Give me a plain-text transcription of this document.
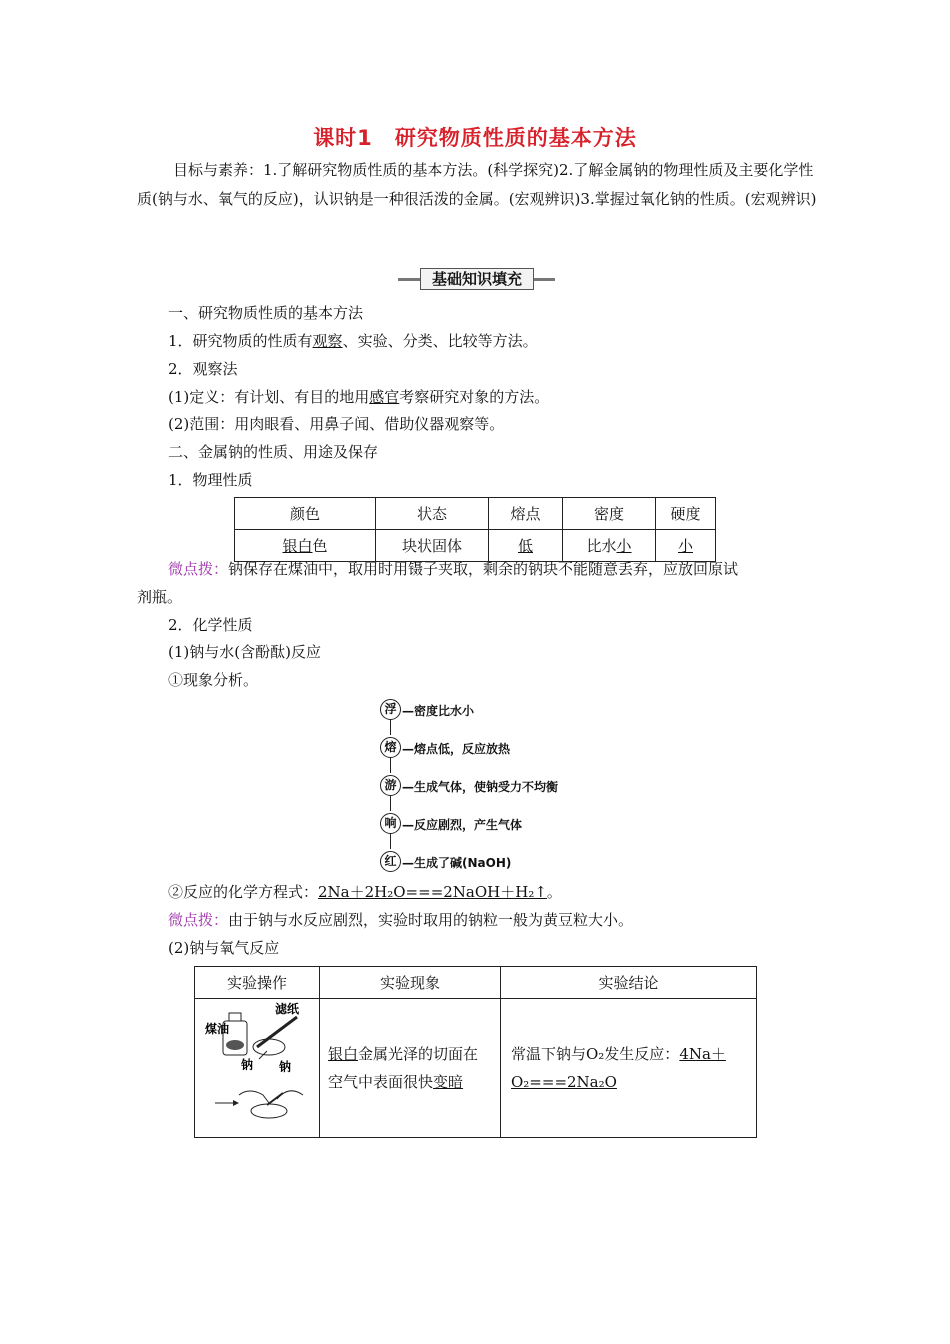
课时1 研究物质性质的基本方法
目标与素养：1.了解研究物质性质的基本方法。(科学探究)2.了解金属钠的物理性质及主要化学性质(钠与水、氧气的反应)，认识钠是一种很活泼的金属。(宏观辨识)3.掌握过氧化钠的性质。(宏观辨识)
基础知识填充
一、研究物质性质的基本方法
1．研究物质的性质有观察、实验、分类、比较等方法。
2．观察法
(1)定义：有计划、有目的地用感官考察研究对象的方法。
(2)范围：用肉眼看、用鼻子闻、借助仪器观察等。
二、金属钠的性质、用途及保存
1．物理性质
颜色	状态	熔点	密度	硬度
银白色	块状固体	低	比水小	小
微点拨：钠保存在煤油中，取用时用镊子夹取，剩余的钠块不能随意丢弃，应放回原试
剂瓶。
2．化学性质
(1)钠与水(含酚酞)反应
①现象分析。
浮 —密度比水小
熔 —熔点低，反应放热
游 —生成气体，使钠受力不均衡
响 —反应剧烈，产生气体
红 —生成了碱(NaOH)
②反应的化学方程式：2Na＋2H₂O===2NaOH＋H₂↑。
微点拨：由于钠与水反应剧烈，实验时取用的钠粒一般为黄豆粒大小。
(2)钠与氧气反应
实验操作	实验现象	实验结论

滤纸
煤油
钠 钠	银白金属光泽的切面在空气中表面很快变暗	常温下钠与O₂发生反应：4Na＋O₂===2Na₂O
